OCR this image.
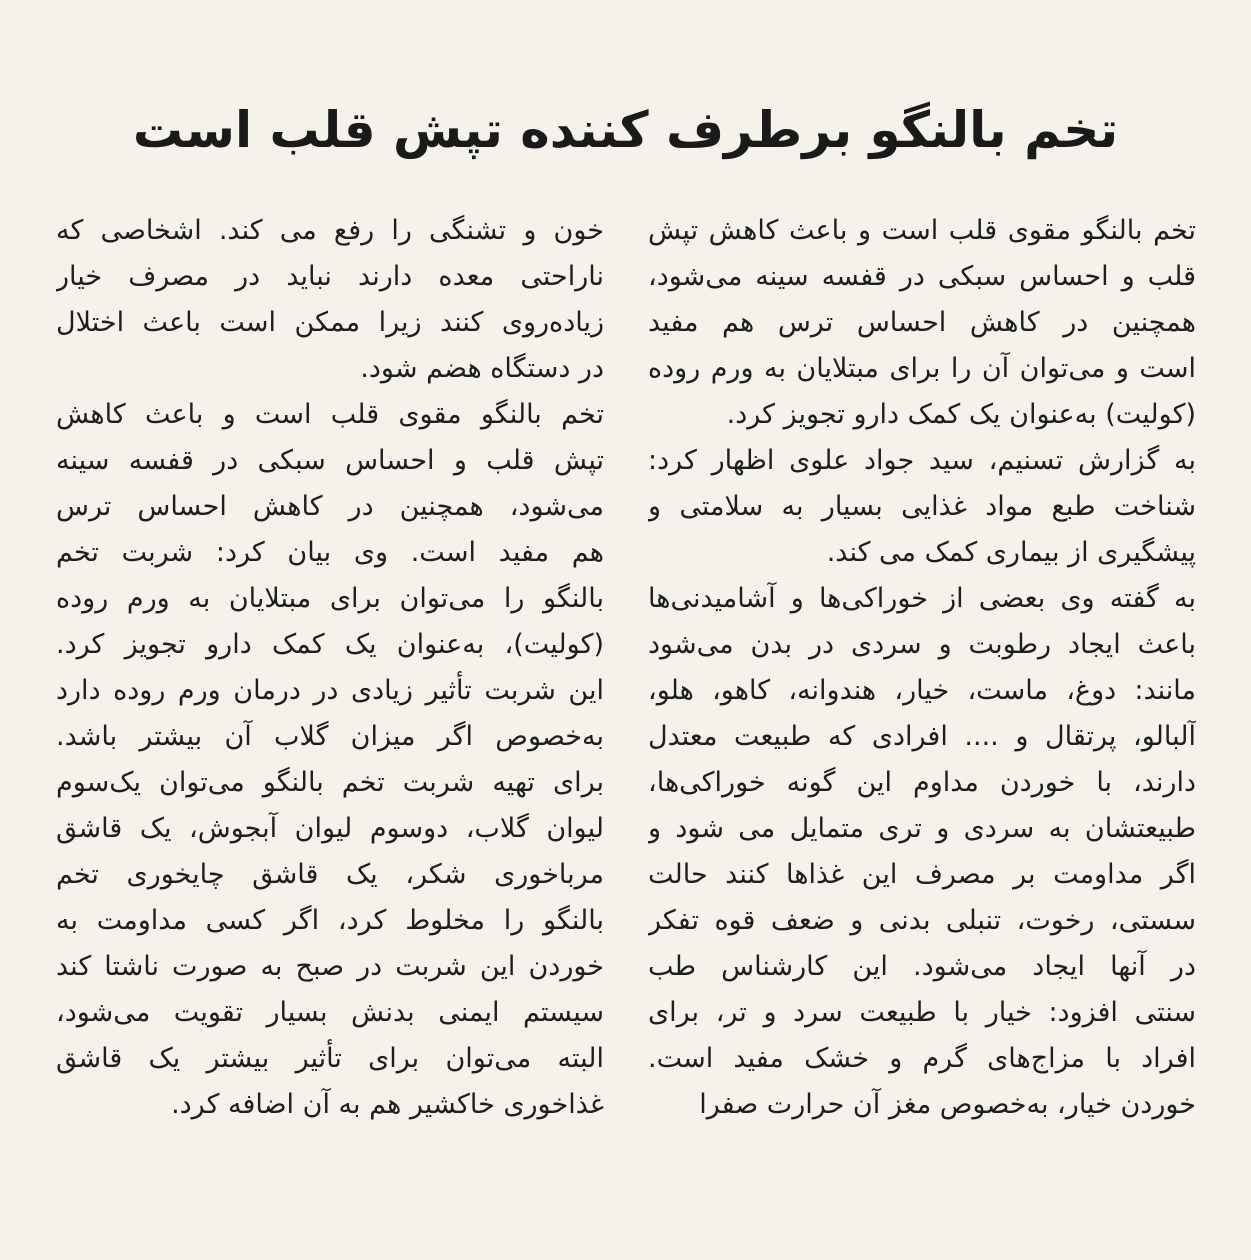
تخم بالنگو برطرف کننده تپش قلب است
تخم بالنگو مقوی قلب است و باعث کاهش تپش
قلب و احساس سبکی در قفسه سینه می‌شود،
همچنین در کاهش احساس ترس هم مفید
است و می‌توان آن را برای مبتلایان به ورم روده
(کولیت) به‌عنوان یک کمک دارو تجویز کرد.
به گزارش تسنیم، سید جواد علوی اظهار کرد:
شناخت طبع مواد غذایی بسیار به سلامتی و
پیشگیری از بیماری کمک می کند.
به گفته وی بعضی از خوراکی‌ها و آشامیدنی‌ها
باعث ایجاد رطوبت و سردی در بدن می‌شود
مانند: دوغ، ماست، خیار، هندوانه، کاهو، هلو،
آلبالو، پرتقال و .... افرادی که طبیعت معتدل
دارند، با خوردن مداوم این گونه خوراکی‌ها،
طبیعتشان به سردی و تری متمایل می شود و
اگر مداومت بر مصرف این غذاها کنند حالت
سستی، رخوت، تنبلی بدنی و ضعف قوه تفکر
در آنها ایجاد می‌شود. این کارشناس طب
سنتی افزود: خیار با طبیعت سرد و تر، برای
افراد با مزاج‌های گرم و خشک مفید است.
خوردن خیار، به‌خصوص مغز آن حرارت صفرا
خون و تشنگی را رفع می کند. اشخاصی که
ناراحتی معده دارند نباید در مصرف خیار
زیاده‌روی کنند زیرا ممکن است باعث اختلال
در دستگاه هضم شود.
تخم بالنگو مقوی قلب است و باعث کاهش
تپش قلب و احساس سبکی در قفسه سینه
می‌شود، همچنین در کاهش احساس ترس
هم مفید است. وی بیان کرد: شربت تخم
بالنگو را می‌توان برای مبتلایان به ورم روده
(کولیت)، به‌عنوان یک کمک دارو تجویز کرد.
این شربت تأثیر زیادی در درمان ورم روده دارد
به‌خصوص اگر میزان گلاب آن بیشتر باشد.
برای تهیه شربت تخم بالنگو می‌توان یک‌سوم
لیوان گلاب، دوسوم لیوان آبجوش، یک قاشق
مرباخوری شکر، یک قاشق چایخوری تخم
بالنگو را مخلوط کرد، اگر کسی مداومت به
خوردن این شربت در صبح به صورت ناشتا کند
سیستم ایمنی بدنش بسیار تقویت می‌شود،
البته می‌توان برای تأثیر بیشتر یک قاشق
غذاخوری خاکشیر هم به آن اضافه کرد.
